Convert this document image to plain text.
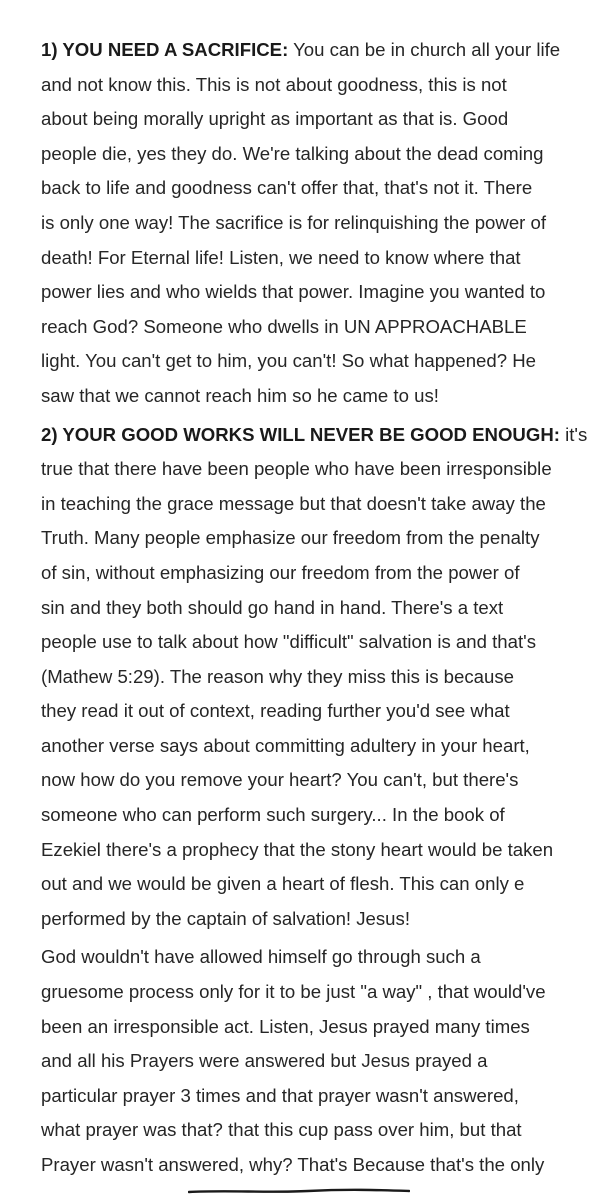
1) YOU NEED A SACRIFICE: You can be in church all your life
and not know this. This is not about goodness, this is not
about being morally upright as important as that is. Good
people die, yes they do. We're talking about the dead coming
back to life and goodness can't offer that, that's not it. There
is only one way! The sacrifice is for relinquishing the power of
death! For Eternal life! Listen, we need to know where that
power lies and who wields that power. Imagine you wanted to
reach God? Someone who dwells in UN APPROACHABLE
light. You can't get to him, you can't! So what happened? He
saw that we cannot reach him so he came to us!

2) YOUR GOOD WORKS WILL NEVER BE GOOD ENOUGH: it's
true that there have been people who have been irresponsible
in teaching the grace message but that doesn't take away the
Truth. Many people emphasize our freedom from the penalty
of sin, without emphasizing our freedom from the power of
sin and they both should go hand in hand. There's a text
people use to talk about how "difficult" salvation is and that's
(Mathew 5:29). The reason why they miss this is because
they read it out of context, reading further you'd see what
another verse says about committing adultery in your heart,
now how do you remove your heart? You can't, but there's
someone who can perform such surgery... In the book of
Ezekiel there's a prophecy that the stony heart would be taken
out and we would be given a heart of flesh. This can only e
performed by the captain of salvation! Jesus!

God wouldn't have allowed himself go through such a
gruesome process only for it to be just "a way" , that would've
been an irresponsible act. Listen, Jesus prayed many times
and all his Prayers were answered but Jesus prayed a
particular prayer 3 times and that prayer wasn't answered,
what prayer was that? that this cup pass over him, but that
Prayer wasn't answered, why? That's Because that's the only
